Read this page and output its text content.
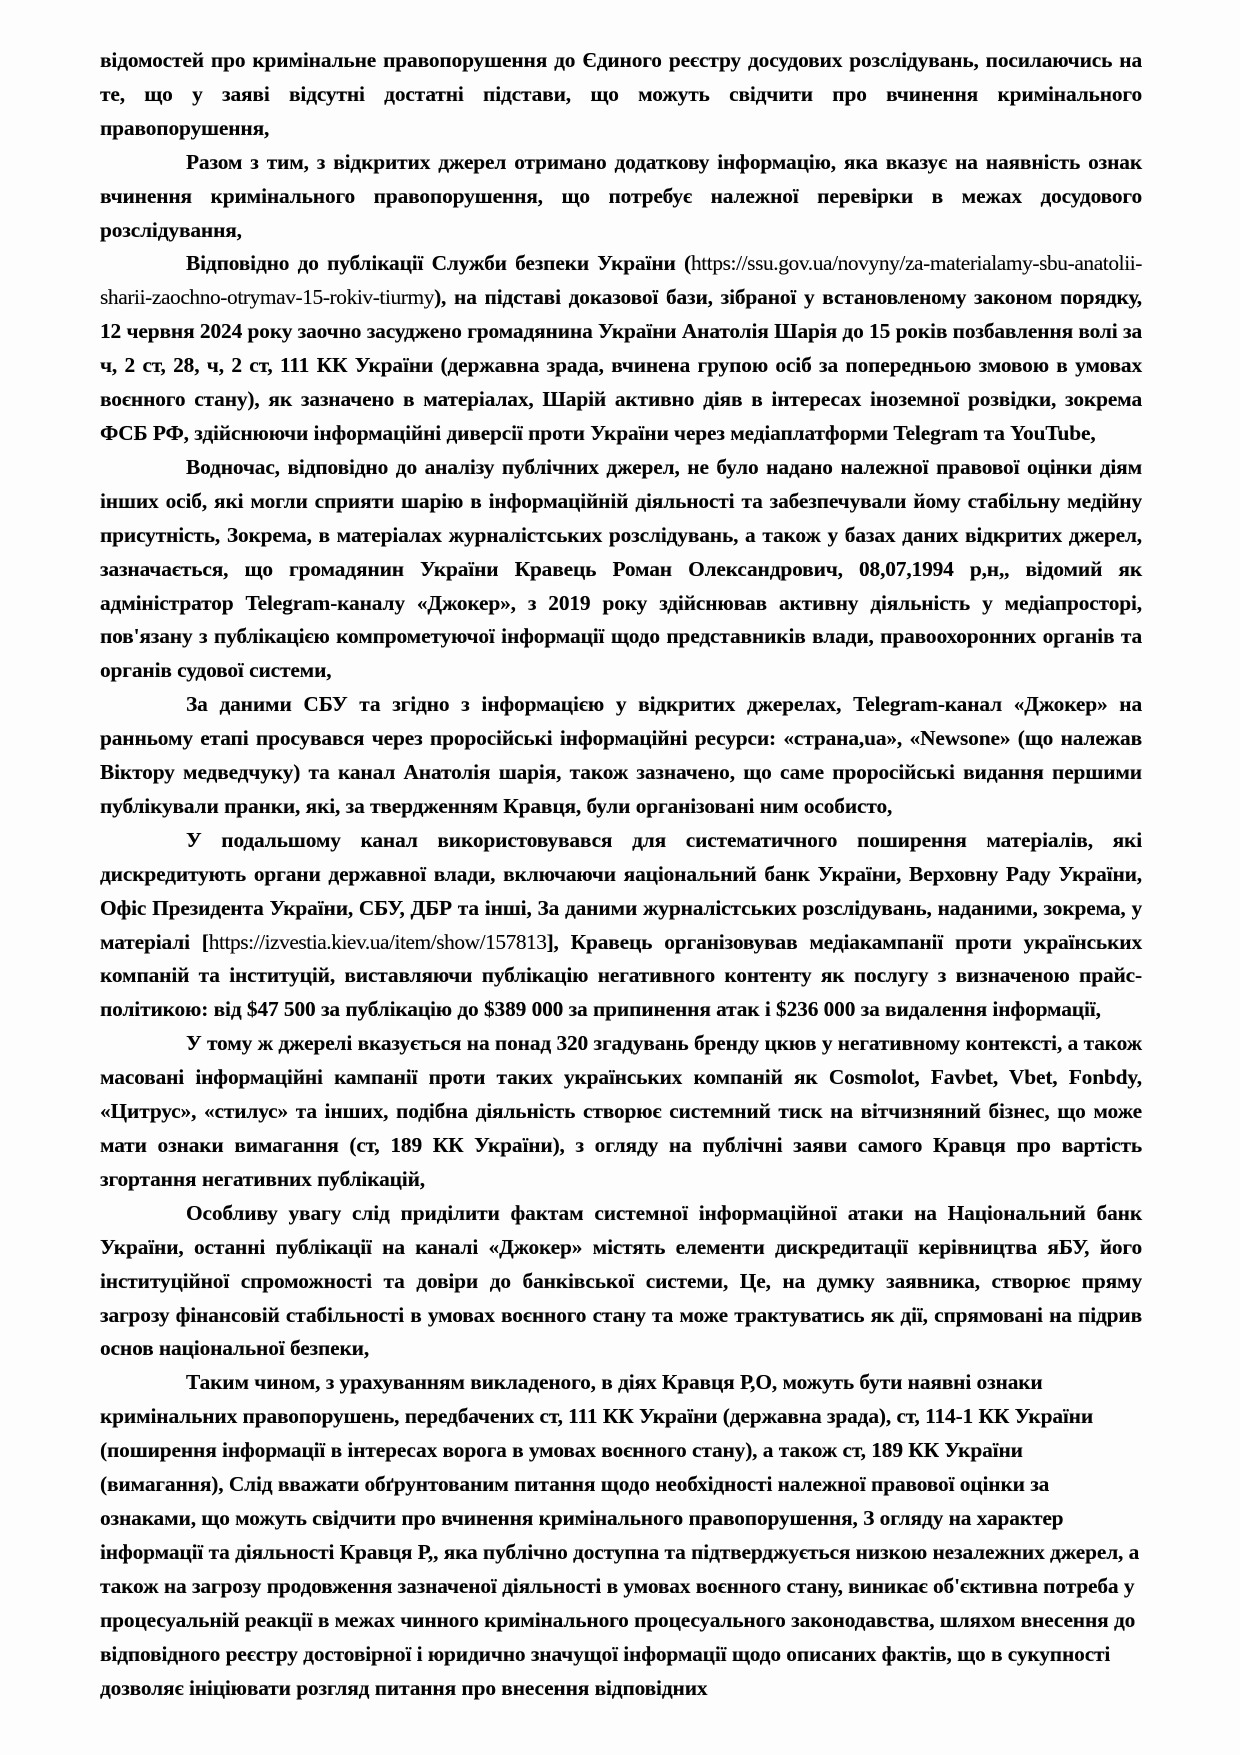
відомостей про кримінальне правопорушення до Єдиного реєстру досудових розслідувань, посилаючись на те, що у заяві відсутні достатні підстави, що можуть свідчити про вчинення кримінального правопорушення,

Разом з тим, з відкритих джерел отримано додаткову інформацію, яка вказує на наявність ознак вчинення кримінального правопорушення, що потребує належної перевірки в межах досудового розслідування,

Відповідно до публікації Служби безпеки України (https://ssu.gov.ua/novyny/za-materialamy-sbu-anatolii-sharii-zaochno-otrymav-15-rokiv-tiurmy), на підставі доказової бази, зібраної у встановленому законом порядку, 12 червня 2024 року заочно засуджено громадянина України Анатолія Шарія до 15 років позбавлення волі за ч, 2 ст, 28, ч, 2 ст, 111 КК України (державна зрада, вчинена групою осіб за попередньою змовою в умовах воєнного стану), як зазначено в матеріалах, Шарій активно діяв в інтересах іноземної розвідки, зокрема ФСБ РФ, здійснюючи інформаційні диверсії проти України через медіаплатформи Telegram та YouTube,

Водночас, відповідно до аналізу публічних джерел, не було надано належної правової оцінки діям інших осіб, які могли сприяти шарію в інформаційній діяльності та забезпечували йому стабільну медійну присутність, Зокрема, в матеріалах журналістських розслідувань, а також у базах даних відкритих джерел, зазначається, що громадянин України Кравець Роман Олександрович, 08,07,1994 р,н,, відомий як адміністратор Telegram-каналу «Джокер», з 2019 року здійснював активну діяльність у медіапросторі, пов'язану з публікацією компрометуючої інформації щодо представників влади, правоохоронних органів та органів судової системи,

За даними СБУ та згідно з інформацією у відкритих джерелах, Telegram-канал «Джокер» на ранньому етапі просувався через проросійські інформаційні ресурси: «страна,ua», «Newsone» (що належав Віктору медведчуку) та канал Анатолія шарія, також зазначено, що саме проросійські видання першими публікували пранки, які, за твердженням Кравця, були організовані ним особисто,

У подальшому канал використовувався для систематичного поширення матеріалів, які дискредитують органи державної влади, включаючи яаціональний банк України, Верховну Раду України, Офіс Президента України, СБУ, ДБР та інші, За даними журналістських розслідувань, наданими, зокрема, у матеріалі [https://izvestia.kiev.ua/item/show/157813], Кравець організовував медіакампанії проти українських компаній та інституцій, виставляючи публікацію негативного контенту як послугу з визначеною прайс-політикою: від $47 500 за публікацію до $389 000 за припинення атак і $236 000 за видалення інформації,

У тому ж джерелі вказується на понад 320 згадувань бренду цкюв у негативному контексті, а також масовані інформаційні кампанії проти таких українських компаній як Cosmolot, Favbet, Vbet, Fonbdy, «Цитрус», «стилус» та інших, подібна діяльність створює системний тиск на вітчизняний бізнес, що може мати ознаки вимагання (ст, 189 КК України), з огляду на публічні заяви самого Кравця про вартість згортання негативних публікацій,

Особливу увагу слід приділити фактам системної інформаційної атаки на Національний банк України, останні публікації на каналі «Джокер» містять елементи дискредитації керівництва яБУ, його інституційної спроможності та довіри до банківської системи, Це, на думку заявника, створює пряму загрозу фінансовій стабільності в умовах воєнного стану та може трактуватись як дії, спрямовані на підрив основ національної безпеки,

Таким чином, з урахуванням викладеного, в діях Кравця Р,О, можуть бути наявні ознаки кримінальних правопорушень, передбачених ст, 111 КК України (державна зрада), ст, 114-1 КК України (поширення інформації в інтересах ворога в умовах воєнного стану), а також ст, 189 КК України (вимагання), Слід вважати обґрунтованим питання щодо необхідності належної правової оцінки за ознаками, що можуть свідчити про вчинення кримінального правопорушення, З огляду на характер інформації та діяльності Кравця Р,, яка публічно доступна та підтверджується низкою незалежних джерел, а також на загрозу продовження зазначеної діяльності в умовах воєнного стану, виникає об'єктивна потреба у процесуальній реакції в межах чинного кримінального процесуального законодавства, шляхом внесення до відповідного реєстру достовірної і юридично значущої інформації щодо описаних фактів, що в сукупності дозволяє ініціювати розгляд питання про внесення відповідних
